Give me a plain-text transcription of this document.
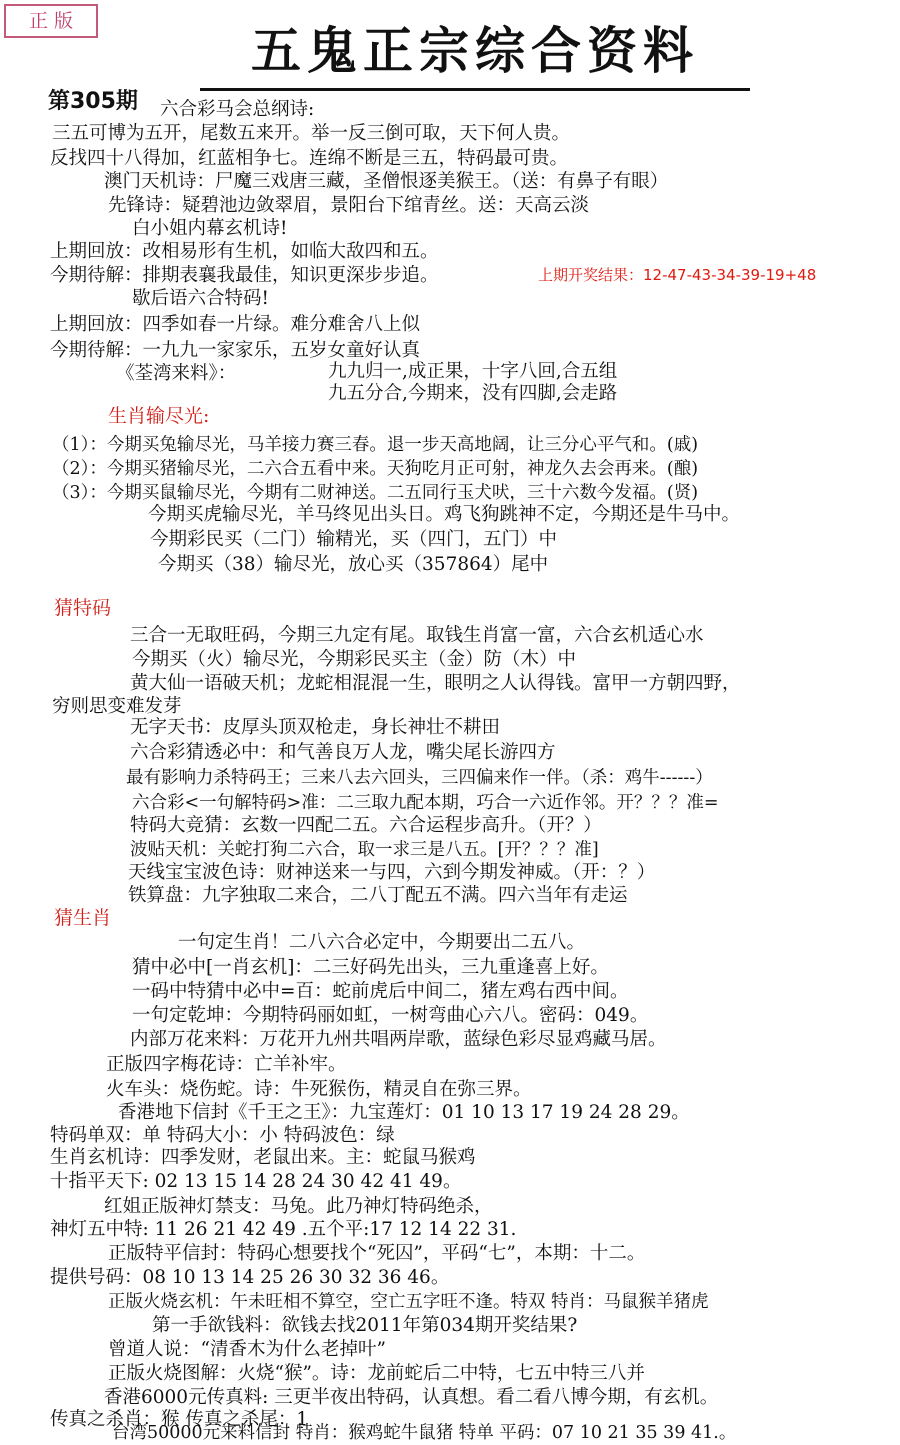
正 版
五鬼正宗综合资料
第305期
上期开奖结果：12-47-43-34-39-19+48
六合彩马会总纲诗:
三五可博为五开，尾数五来开。举一反三倒可取，天下何人贵。
反找四十八得加，红蓝相争七。连绵不断是三五，特码最可贵。
澳门天机诗：尸魔三戏唐三藏，圣僧恨逐美猴王。（送：有鼻子有眼）
先锋诗：疑碧池边敛翠眉，景阳台下绾青丝。送：天高云淡
白小姐内幕玄机诗!
上期回放：改相易形有生机，如临大敌四和五。
今期待解：排期表襄我最佳，知识更深步步追。
歇后语六合特码!
上期回放：四季如春一片绿。难分难舍八上似
今期待解：一九九一家家乐，五岁女童好认真
《荃湾来料》：	九九归一,成正果，十字八回,合五组
九五分合,今期来，没有四脚,会走路
生肖输尽光:
（1）：今期买兔输尽光，马羊接力赛三春。退一步天高地阔，让三分心平气和。(戚)
（2）：今期买猪输尽光，二六合五看中来。天狗吃月正可射，神龙久去会再来。(酿)
（3）：今期买鼠输尽光，今期有二财神送。二五同行玉犬吠，三十六数今发福。(贤)
今期买虎输尽光，羊马终见出头日。鸡飞狗跳神不定，今期还是牛马中。
今期彩民买（二门）输精光，买（四门，五门）中
今期买（38）输尽光，放心买（357864）尾中
猜特码
三合一无取旺码，今期三九定有尾。取钱生肖富一富，六合玄机适心水
今期买（火）输尽光，今期彩民买主（金）防（木）中
黄大仙一语破天机；龙蛇相混混一生，眼明之人认得钱。富甲一方朝四野，
穷则思变难发芽
无字天书：皮厚头顶双枪走，身长神壮不耕田
六合彩猜透必中：和气善良万人龙，嘴尖尾长游四方
最有影响力杀特码王；三来八去六回头，三四偏来作一伴。（杀：鸡牛------）
六合彩<一句解特码>准：二三取九配本期，巧合一六近作邻。开？？？准=
特码大竞猜：玄数一四配二五。六合运程步高升。（开？）
波贴天机：关蛇打狗二六合，取一求三是八五。[开？？？准]
天线宝宝波色诗：财神送来一与四，六到今期发神威。（开：？）
铁算盘：九字独取二来合，二八丁配五不满。四六当年有走运
猜生肖
一句定生肖！二八六合必定中，今期要出二五八。
猜中必中[一肖玄机]：二三好码先出头，三九重逢喜上好。
一码中特猜中必中=百：蛇前虎后中间二，猪左鸡右西中间。
一句定乾坤：今期特码丽如虹，一树弯曲心六八。密码：049。
内部万花来料：万花开九州共唱两岸歌，蓝绿色彩尽显鸡藏马居。
正版四字梅花诗：亡羊补牢。
火车头：烧伤蛇。诗：牛死猴伤，精灵自在弥三界。
香港地下信封《千王之王》：九宝莲灯：01 10 13 17 19 24 28 29。
特码单双：单 特码大小：小 特码波色：绿
生肖玄机诗：四季发财，老鼠出来。主：蛇鼠马猴鸡
十指平天下: 02 13 15 14 28 24 30 42 41 49。
红姐正版神灯禁支：马兔。此乃神灯特码绝杀，
神灯五中特: 11 26 21 42 49 .五个平:17 12 14 22 31.
正版特平信封：特码心想要找个“死囚”，平码“七”，本期：十二。
提供号码：08 10 13 14 25 26 30 32 36 46。
正版火烧玄机：午未旺相不算空，空亡五字旺不逢。特双 特肖：马鼠猴羊猪虎
第一手欲钱料：欲钱去找2011年第034期开奖结果?
曾道人说：“清香木为什么老掉叶”
正版火烧图解：火烧“猴”。诗：龙前蛇后二中特，七五中特三八并
香港6000元传真料: 三更半夜出特码，认真想。看二看八博今期，有玄机。
传真之杀肖：猴 传真之杀尾：1
台湾50000元来料信封 特肖：猴鸡蛇牛鼠猪 特单 平码：07 10 21 35 39 41.。
